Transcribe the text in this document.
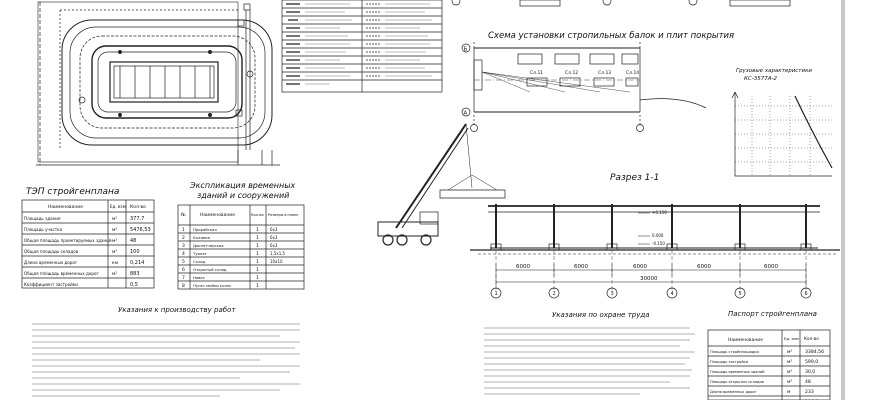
Схема установки стропильных балок и плит покрытия
Грузовые характеристики
КС-3577А-2
Разрез 1-1
Б
А
Сл.11	Сл.12	Сл.13	Сл.14
+6.150
0.000
-0.150
6000	6000	6000	6000	6000
30000
1	2	3	4	5	6
ТЭП стройгенплана
Наименование	Ед. изм Кол-во
Площадь здания	м²	377,7
Площадь участка	м²	5476,53
Общая площадь проектируемых зданий м²	48
Общая площадь складов	м²	100
Длина временных дорог	км 0,214
Общая площадь временных дорог	м²	883
Коэффициент застройки	0,5
Экспликация временных
зданий и сооружений
№	Наименование	Кол-во Размеры в плане
1 Прорабская	1	6x3
2 Бытовка	1	6x3
3 Диспетчерская	1	6x3
4 Туалет	1	1,5x1,5
5 Склад	1	10x10
6 Открытый склад	1
7 Навес	1
8 Пункт мойки колес	1
Указания к производству работ
Указания по охране труда	Паспорт стройгенплана
Наименование	Ед. изм Кол-во
Площадь стройплощадки	м²	3384,56
Площадь застройки	м²	599,0
Площадь временных зданий	м²	30,0
Площадь открытых складов	м²	48
Длина временных дорог	м	233
